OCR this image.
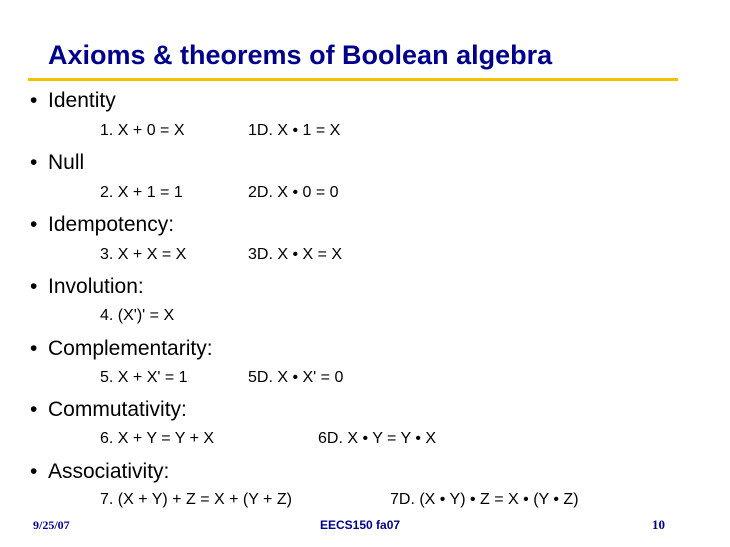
Axioms & theorems of Boolean algebra
• Identity
1. X + 0 = X	1D. X • 1 = X
• Null
2. X + 1 = 1	2D. X • 0 = 0
• Idempotency:
3. X + X = X	3D. X • X = X
• Involution:
4. (X')' = X
• Complementarity:
5. X + X' = 1	5D. X • X' = 0
• Commutativity:
6. X + Y = Y + X	6D. X • Y = Y • X
• Associativity:
7. (X + Y) + Z = X + (Y + Z)	7D. (X • Y) • Z = X • (Y • Z)
9/25/07	EECS150 fa07	10
